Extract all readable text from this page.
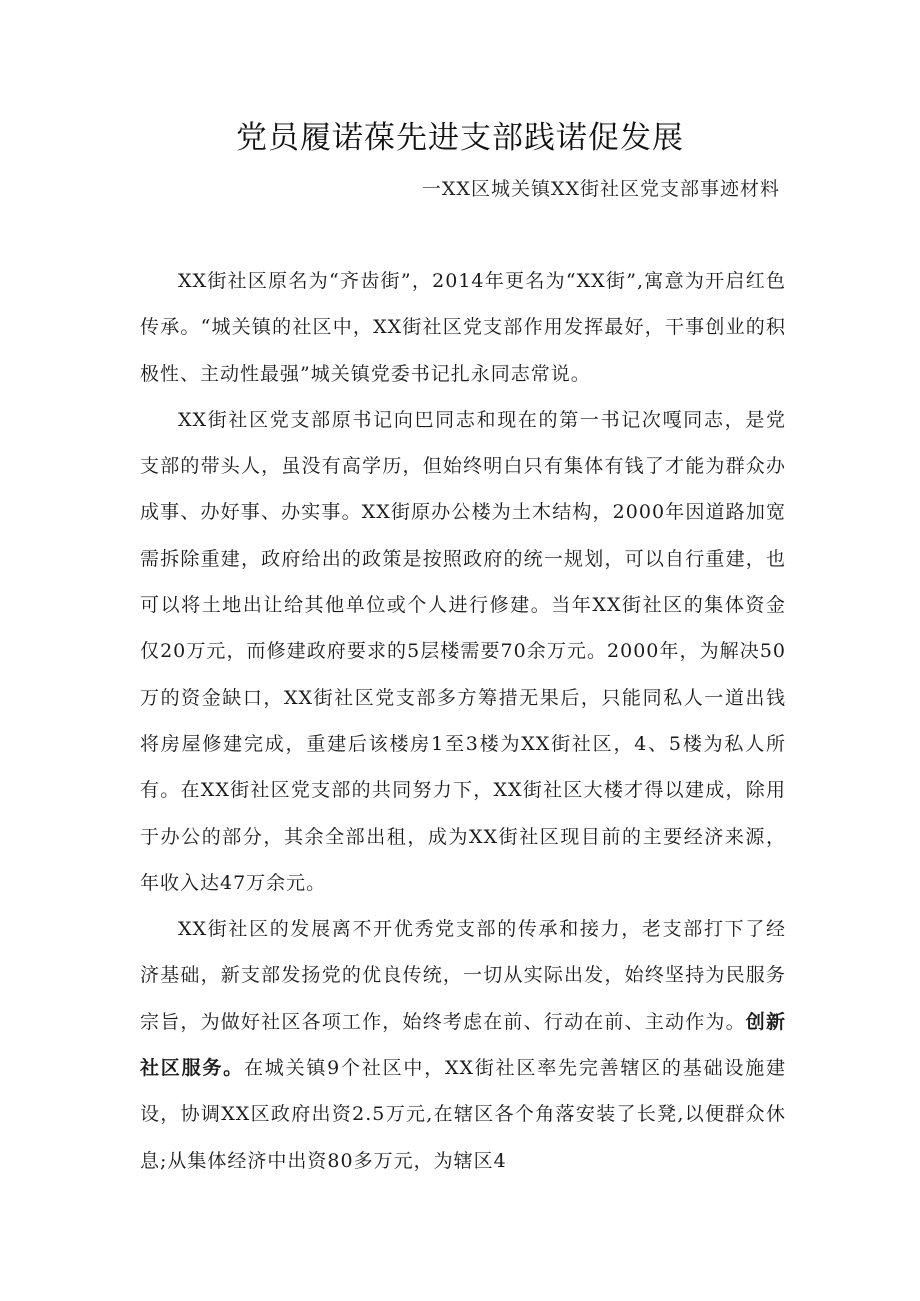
党员履诺葆先进支部践诺促发展

一XX区城关镇XX街社区党支部事迹材料

XX街社区原名为“齐齿街”，2014年更名为“XX街”,寓意为开启红色传承。“城关镇的社区中，XX街社区党支部作用发挥最好，干事创业的积极性、主动性最强”城关镇党委书记扎永同志常说。

XX街社区党支部原书记向巴同志和现在的第一书记次嘎同志，是党支部的带头人，虽没有高学历，但始终明白只有集体有钱了才能为群众办成事、办好事、办实事。XX街原办公楼为土木结构，2000年因道路加宽需拆除重建，政府给出的政策是按照政府的统一规划，可以自行重建，也可以将土地出让给其他单位或个人进行修建。当年XX街社区的集体资金仅20万元，而修建政府要求的5层楼需要70余万元。2000年，为解决50万的资金缺口，XX街社区党支部多方筹措无果后，只能同私人一道出钱将房屋修建完成，重建后该楼房1至3楼为XX街社区，4、5楼为私人所有。在XX街社区党支部的共同努力下，XX街社区大楼才得以建成，除用于办公的部分，其余全部出租，成为XX街社区现目前的主要经济来源，年收入达47万余元。

XX街社区的发展离不开优秀党支部的传承和接力，老支部打下了经济基础，新支部发扬党的优良传统，一切从实际出发，始终坚持为民服务宗旨，为做好社区各项工作，始终考虑在前、行动在前、主动作为。创新社区服务。在城关镇9个社区中，XX街社区率先完善辖区的基础设施建设，协调XX区政府出资2.5万元,在辖区各个角落安装了长凳,以便群众休息;从集体经济中出资80多万元，为辖区4
